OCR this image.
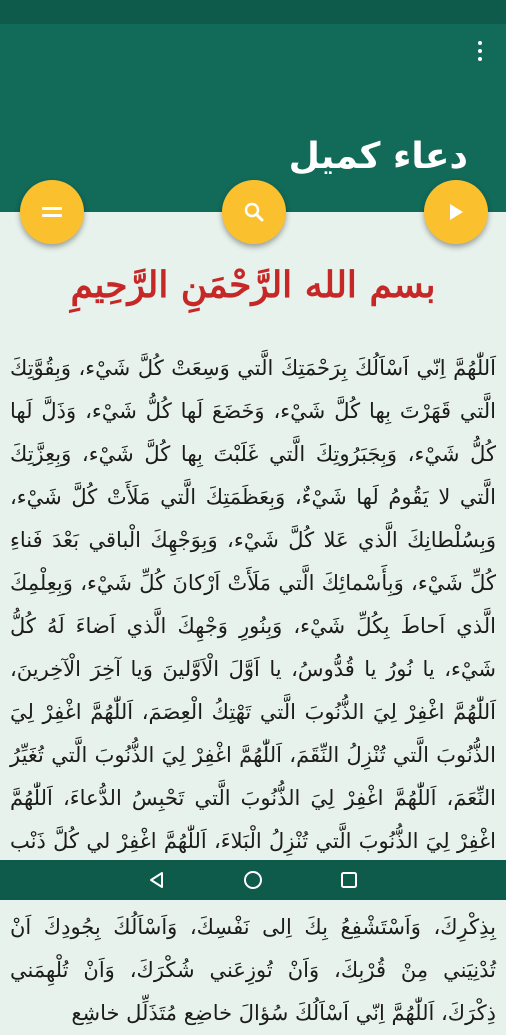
دعاء كميل
بسم الله الرَّحْمَنِ الرَّحِيمِ
اَللّٰهُمَّ اِنّي اَسْاَلُكَ بِرَحْمَتِكَ الَّتي وَسِعَتْ كُلَّ شَيْء، وَبِقُوَّتِكَ الَّتي قَهَرْتَ بِها كُلَّ شَيْء، وَخَضَعَ لَها كُلُّ شَيْء، وَذَلَّ لَها كُلُّ شَيْء، وَبِجَبَرُوتِكَ الَّتي غَلَبْتَ بِها كُلَّ شَيْء، وَبِعِزَّتِكَ الَّتي لا يَقُومُ لَها شَيْءٌ، وَبِعَظَمَتِكَ الَّتي مَلَأَتْ كُلَّ شَيْء، وَبِسُلْطانِكَ الَّذي عَلا كُلَّ شَيْء، وَبِوَجْهِكَ الْباقي بَعْدَ فَناءِ كُلِّ شَيْء، وَبِأَسْمائِكَ الَّتي مَلَأَتْ اَرْكانَ كُلِّ شَيْء، وَبِعِلْمِكَ الَّذي اَحاطَ بِكُلِّ شَيْء، وَبِنُورِ وَجْهِكَ الَّذي اَضاءَ لَهُ كُلُّ شَيْء، يا نُورُ يا قُدُّوسُ، يا اَوَّلَ الْاَوَّلينَ وَيا آخِرَ الْآخِرينَ، اَللّٰهُمَّ اغْفِرْ لِيَ الذُّنُوبَ الَّتي تَهْتِكُ الْعِصَمَ، اَللّٰهُمَّ اغْفِرْ لِيَ الذُّنُوبَ الَّتي تُنْزِلُ النِّقَمَ، اَللّٰهُمَّ اغْفِرْ لِيَ الذُّنُوبَ الَّتي تُغَيِّرُ النِّعَمَ، اَللّٰهُمَّ اغْفِرْ لِيَ الذُّنُوبَ الَّتي تَحْبِسُ الدُّعاءَ، اَللّٰهُمَّ اغْفِرْ لِيَ الذُّنُوبَ الَّتي تُنْزِلُ الْبَلاءَ، اَللّٰهُمَّ اغْفِرْ لي كُلَّ ذَنْب بِذِكْرِكَ، وَاَسْتَشْفِعُ بِكَ اِلى نَفْسِكَ، وَاَسْاَلُكَ بِجُودِكَ اَنْ تُدْنِيَني مِنْ قُرْبِكَ، وَاَنْ تُوزِعَني شُكْرَكَ، وَاَنْ تُلْهِمَني ذِكْرَكَ، اَللّٰهُمَّ اِنّي اَسْاَلُكَ سُؤالَ خاضِع مُتَذَلِّل خاشِع
